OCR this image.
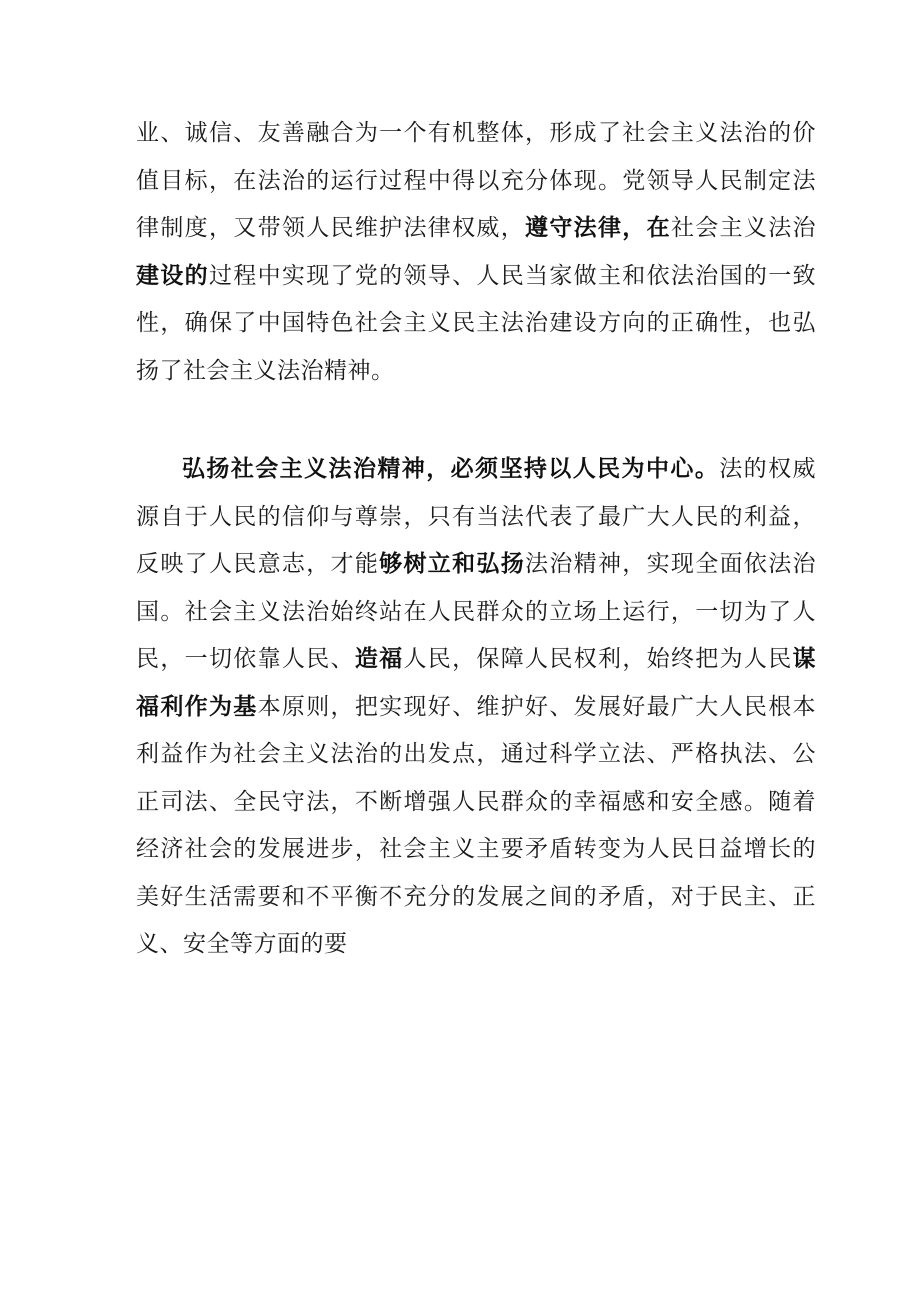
业、诚信、友善融合为一个有机整体，形成了社会主义法治的价值目标，在法治的运行过程中得以充分体现。党领导人民制定法律制度，又带领人民维护法律权威，遵守法律，在社会主义法治建设的过程中实现了党的领导、人民当家做主和依法治国的一致性，确保了中国特色社会主义民主法治建设方向的正确性，也弘扬了社会主义法治精神。

弘扬社会主义法治精神，必须坚持以人民为中心。法的权威源自于人民的信仰与尊崇，只有当法代表了最广大人民的利益，反映了人民意志，才能够树立和弘扬法治精神，实现全面依法治国。社会主义法治始终站在人民群众的立场上运行，一切为了人民，一切依靠人民、造福人民，保障人民权利，始终把为人民谋福利作为基本原则，把实现好、维护好、发展好最广大人民根本利益作为社会主义法治的出发点，通过科学立法、严格执法、公正司法、全民守法，不断增强人民群众的幸福感和安全感。随着经济社会的发展进步，社会主义主要矛盾转变为人民日益增长的美好生活需要和不平衡不充分的发展之间的矛盾，对于民主、正义、安全等方面的要
